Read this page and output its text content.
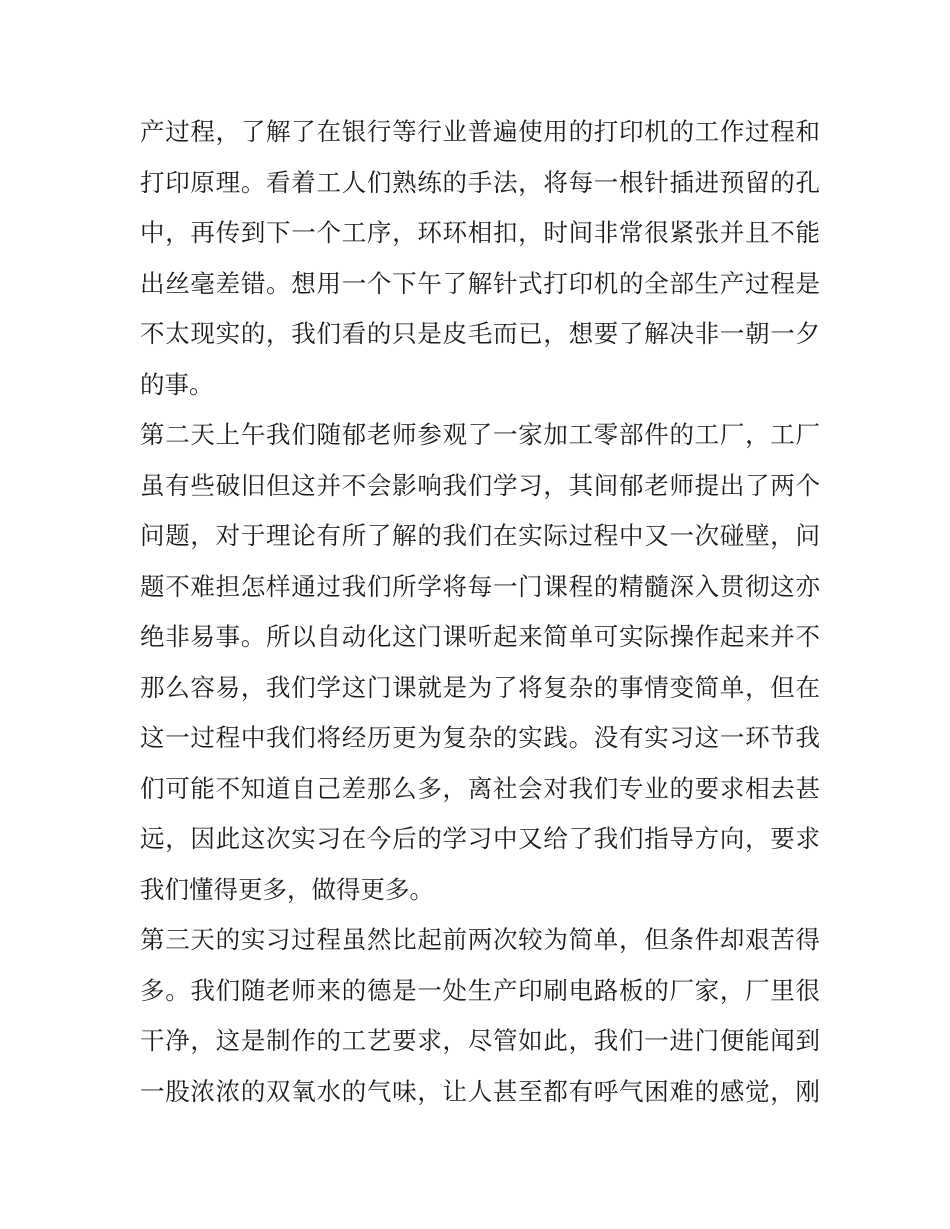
产过程，了解了在银行等行业普遍使用的打印机的工作过程和
打印原理。看着工人们熟练的手法，将每一根针插进预留的孔
中，再传到下一个工序，环环相扣，时间非常很紧张并且不能
出丝毫差错。想用一个下午了解针式打印机的全部生产过程是
不太现实的，我们看的只是皮毛而已，想要了解决非一朝一夕
的事。
第二天上午我们随郁老师参观了一家加工零部件的工厂，工厂
虽有些破旧但这并不会影响我们学习，其间郁老师提出了两个
问题，对于理论有所了解的我们在实际过程中又一次碰壁，问
题不难担怎样通过我们所学将每一门课程的精髓深入贯彻这亦
绝非易事。所以自动化这门课听起来简单可实际操作起来并不
那么容易，我们学这门课就是为了将复杂的事情变简单，但在
这一过程中我们将经历更为复杂的实践。没有实习这一环节我
们可能不知道自己差那么多，离社会对我们专业的要求相去甚
远，因此这次实习在今后的学习中又给了我们指导方向，要求
我们懂得更多，做得更多。
第三天的实习过程虽然比起前两次较为简单，但条件却艰苦得
多。我们随老师来的德是一处生产印刷电路板的厂家，厂里很
干净，这是制作的工艺要求，尽管如此，我们一进门便能闻到
一股浓浓的双氧水的气味，让人甚至都有呼气困难的感觉，刚
